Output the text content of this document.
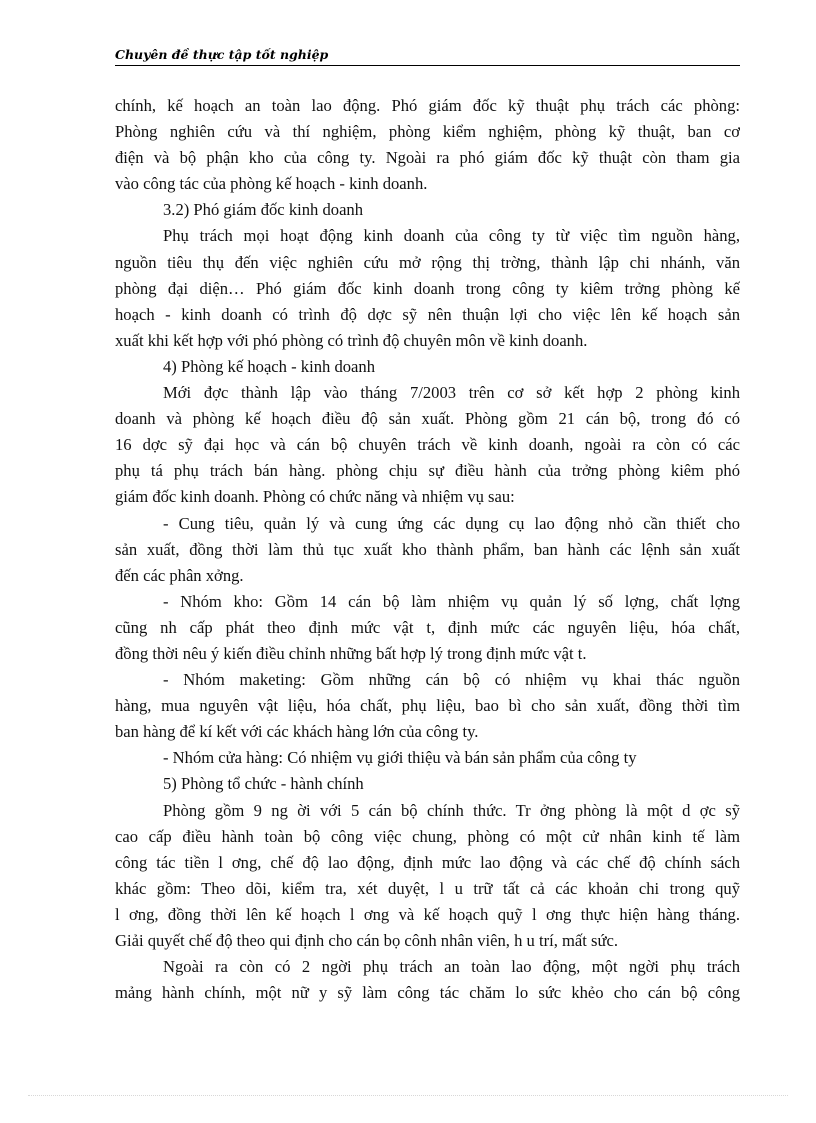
Chuyên đề thực tập tốt nghiệp
chính, kế hoạch an toàn lao động. Phó giám đốc kỹ thuật phụ trách các phòng:
Phòng nghiên cứu và thí nghiệm, phòng kiểm nghiệm, phòng kỹ thuật, ban cơ
điện và bộ phận kho của công ty. Ngoài ra phó giám đốc kỹ thuật còn tham gia
vào công tác của phòng kế hoạch - kinh doanh.
3.2) Phó giám đốc kinh doanh
Phụ trách mọi hoạt động kinh doanh của công ty từ việc tìm nguồn hàng,
nguồn tiêu thụ đến việc nghiên cứu mở rộng thị trờng, thành lập chi nhánh, văn
phòng đại diện… Phó giám đốc kinh doanh trong công ty kiêm trởng phòng kế
hoạch - kinh doanh có trình độ dợc sỹ nên thuận lợi cho việc lên kế hoạch sản
xuất khi kết hợp với phó phòng có trình độ chuyên môn về kinh doanh.
4) Phòng kế hoạch - kinh doanh
Mới đợc thành lập vào tháng 7/2003 trên cơ sở kết hợp 2 phòng kinh
doanh và phòng kế hoạch điều độ sản xuất. Phòng gồm 21 cán bộ, trong đó có
16 dợc sỹ đại học và cán bộ chuyên trách về kinh doanh, ngoài ra còn có các
phụ tá phụ trách bán hàng. phòng chịu sự điều hành của trởng phòng kiêm phó
giám đốc kinh doanh. Phòng có chức năng và nhiệm vụ sau:
- Cung tiêu, quản lý và cung ứng các dụng cụ lao động nhỏ cần thiết cho
sản xuất, đồng thời làm thủ tục xuất kho thành phẩm, ban hành các lệnh sản xuất
đến các phân xởng.
- Nhóm kho: Gồm 14 cán bộ làm nhiệm vụ quản lý số lợng, chất lợng
cũng nh cấp phát theo định mức vật t, định mức các nguyên liệu, hóa chất,
đồng thời nêu ý kiến điều chỉnh những bất hợp lý trong định mức vật t.
- Nhóm maketing: Gồm những cán bộ có nhiệm vụ khai thác nguồn
hàng, mua nguyên vật liệu, hóa chất, phụ liệu, bao bì cho sản xuất, đồng thời tìm
ban hàng để kí kết với các khách hàng lớn của công ty.
- Nhóm cửa hàng: Có nhiệm vụ giới thiệu và bán sản phẩm của công ty
5) Phòng tổ chức - hành chính
Phòng gồm 9 ng ời với 5 cán bộ chính thức. Tr ởng phòng là một d ợc sỹ
cao cấp điều hành toàn bộ công việc chung, phòng có một cử nhân kinh tế làm
công tác tiền l ơng, chế độ lao động, định mức lao động và các chế độ chính sách
khác gồm: Theo dõi, kiểm tra, xét duyệt, l u trữ tất cả các khoản chi trong quỹ
l ơng, đồng thời lên kế hoạch l ơng và kế hoạch quỹ l ơng thực hiện hàng tháng.
Giải quyết chế độ theo qui định cho cán bọ cônh nhân viên, h u trí, mất sức.
Ngoài ra còn có 2 ngời phụ trách an toàn lao động, một ngời phụ trách
mảng hành chính, một nữ y sỹ làm công tác chăm lo sức khẻo cho cán bộ công
